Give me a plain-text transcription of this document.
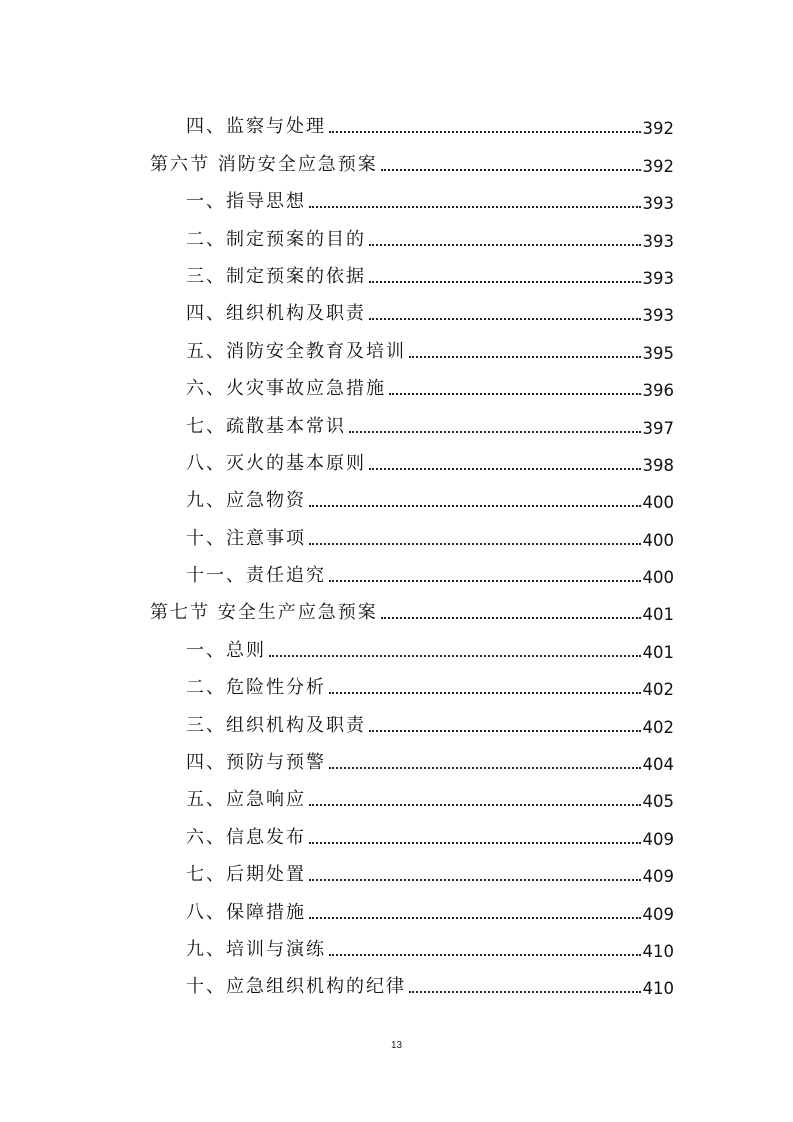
四、监察与处理	392
第六节 消防安全应急预案	392
一、指导思想	393
二、制定预案的目的	393
三、制定预案的依据	393
四、组织机构及职责	393
五、消防安全教育及培训	395
六、火灾事故应急措施	396
七、疏散基本常识	397
八、灭火的基本原则	398
九、应急物资	400
十、注意事项	400
十一、责任追究	400
第七节 安全生产应急预案	401
一、总则	401
二、危险性分析	402
三、组织机构及职责	402
四、预防与预警	404
五、应急响应	405
六、信息发布	409
七、后期处置	409
八、保障措施	409
九、培训与演练	410
十、应急组织机构的纪律	410
13
